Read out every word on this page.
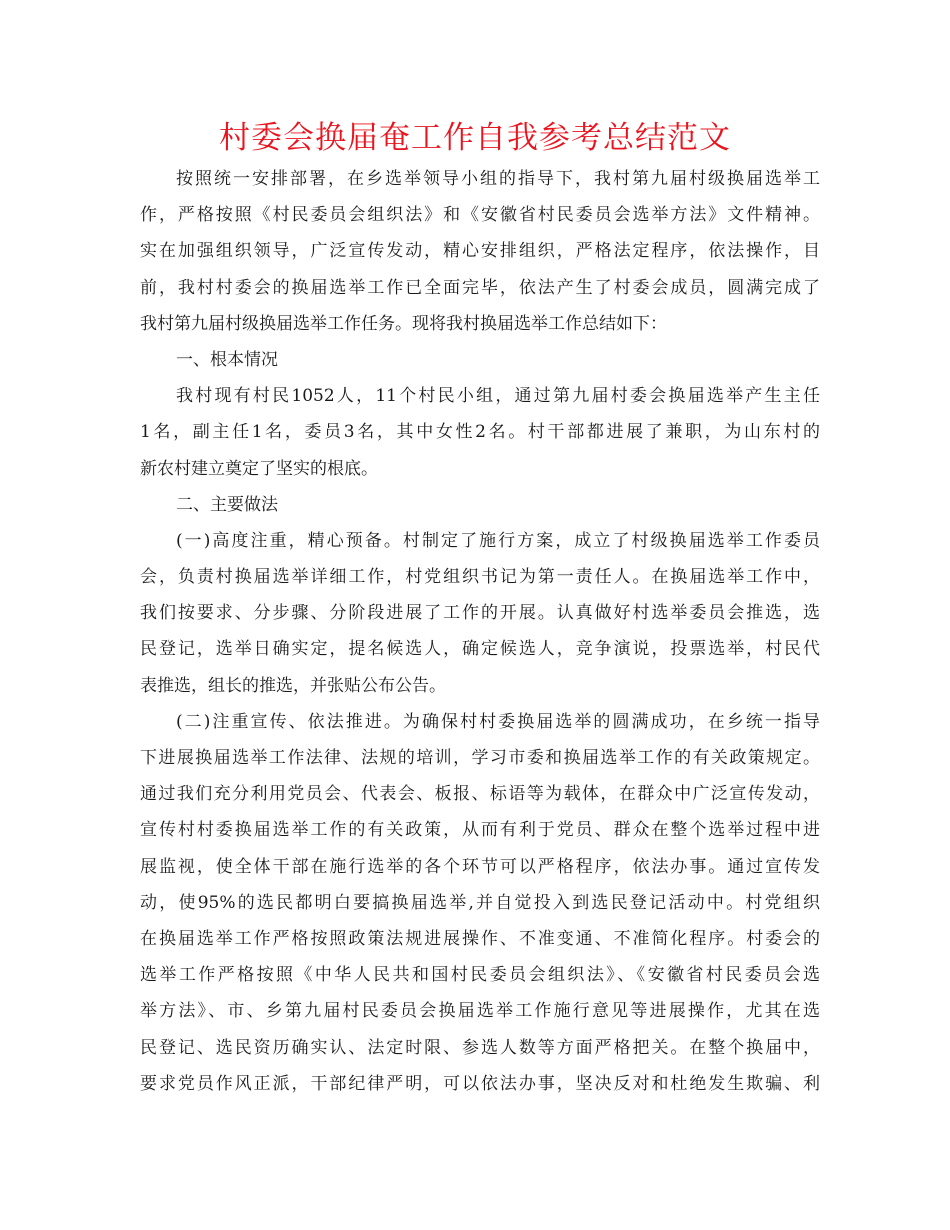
村委会换届奄工作自我参考总结范文
按照统一安排部署，在乡选举领导小组的指导下，我村第九届村级换届选举工
作，严格按照《村民委员会组织法》和《安徽省村民委员会选举方法》文件精神。
实在加强组织领导，广泛宣传发动，精心安排组织，严格法定程序，依法操作，目
前，我村村委会的换届选举工作已全面完毕，依法产生了村委会成员，圆满完成了
我村第九届村级换届选举工作任务。现将我村换届选举工作总结如下：
一、根本情况
我村现有村民1052人，11个村民小组，通过第九届村委会换届选举产生主任
1名，副主任1名，委员3名，其中女性2名。村干部都进展了兼职，为山东村的
新农村建立奠定了坚实的根底。
二、主要做法
(一)高度注重，精心预备。村制定了施行方案，成立了村级换届选举工作委员
会，负责村换届选举详细工作，村党组织书记为第一责任人。在换届选举工作中，
我们按要求、分步骤、分阶段进展了工作的开展。认真做好村选举委员会推选，选
民登记，选举日确实定，提名候选人，确定候选人，竞争演说，投票选举，村民代
表推选，组长的推选，并张贴公布公告。
(二)注重宣传、依法推进。为确保村村委换届选举的圆满成功，在乡统一指导
下进展换届选举工作法律、法规的培训，学习市委和换届选举工作的有关政策规定。
通过我们充分利用党员会、代表会、板报、标语等为载体，在群众中广泛宣传发动，
宣传村村委换届选举工作的有关政策，从而有利于党员、群众在整个选举过程中进
展监视，使全体干部在施行选举的各个环节可以严格程序，依法办事。通过宣传发
动，使95%的选民都明白要搞换届选举,并自觉投入到选民登记活动中。村党组织
在换届选举工作严格按照政策法规进展操作、不准变通、不准简化程序。村委会的
选举工作严格按照《中华人民共和国村民委员会组织法》、《安徽省村民委员会选
举方法》、市、乡第九届村民委员会换届选举工作施行意见等进展操作，尤其在选
民登记、选民资历确实认、法定时限、参选人数等方面严格把关。在整个换届中，
要求党员作风正派，干部纪律严明，可以依法办事，坚决反对和杜绝发生欺骗、利
